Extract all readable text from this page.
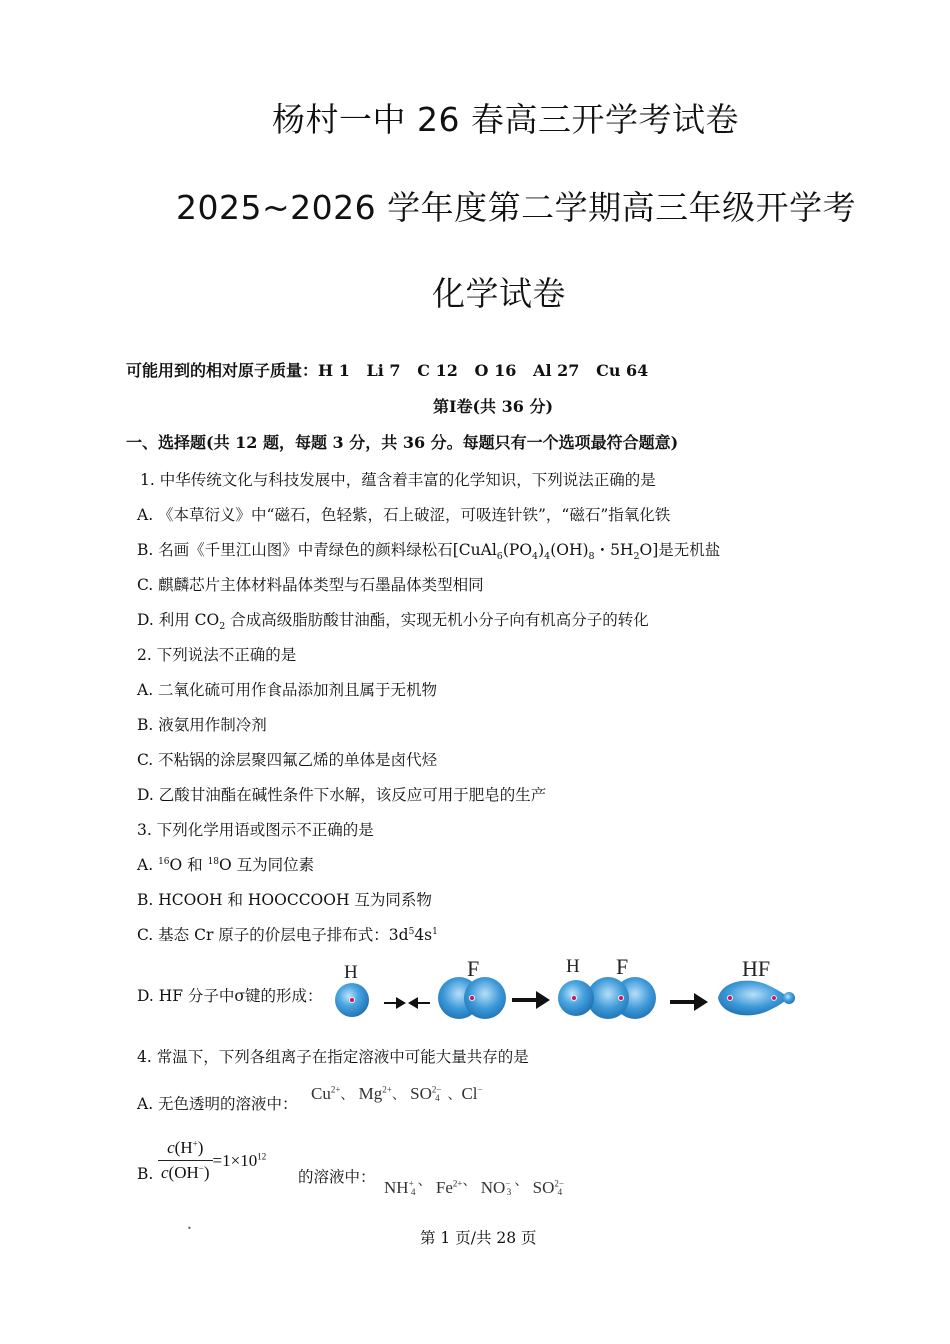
杨村一中 26 春高三开学考试卷
2025~2026 学年度第二学期高三年级开学考
化学试卷
可能用到的相对原子质量：H 1   Li 7   C 12   O 16   Al 27   Cu 64
第Ⅰ卷(共 36 分)
一、选择题(共 12 题，每题 3 分，共 36 分。每题只有一个选项最符合题意)
1. 中华传统文化与科技发展中，蕴含着丰富的化学知识，下列说法正确的是
A. 《本草衍义》中“磁石，色轻紫，石上破涩，可吸连针铁”，“磁石”指氧化铁
B. 名画《千里江山图》中青绿色的颜料绿松石[$CuAl_6(PO_4)_4(OH)_8$・$5H_2O$]是无机盐
C. 麒麟芯片主体材料晶体类型与石墨晶体类型相同
D. 利用 $CO_2$ 合成高级脂肪酸甘油酯，实现无机小分子向有机高分子的转化
2. 下列说法不正确的是
A. 二氧化硫可用作食品添加剂且属于无机物
B. 液氨用作制冷剂
C. 不粘锅的涂层聚四氟乙烯的单体是卤代烃
D. 乙酸甘油酯在碱性条件下水解，该反应可用于肥皂的生产
3. 下列化学用语或图示不正确的是
A. $^{16}$O 和 $^{18}$O 互为同位素
B. HCOOH 和 HOOCCOOH 互为同系物
C. 基态 Cr 原子的价层电子排布式：$3d^54s^1$
D. HF 分子中σ键的形成：
H	F	H F	HF
4. 常温下，下列各组离子在指定溶液中可能大量共存的是
A. 无色透明的溶液中：
$Cu^{2+}$、 $Mg^{2+}$、 $SO^{2-}$
4 、Cl−
B. $\frac{c(H^+)}{c(OH^-)} =1\times 10^{12}$
的溶液中：
NH+
4
、 $Fe^{2+、}$ NO−
3
、 $SO^{2-}$
4
•
第 1 页/共 28 页
